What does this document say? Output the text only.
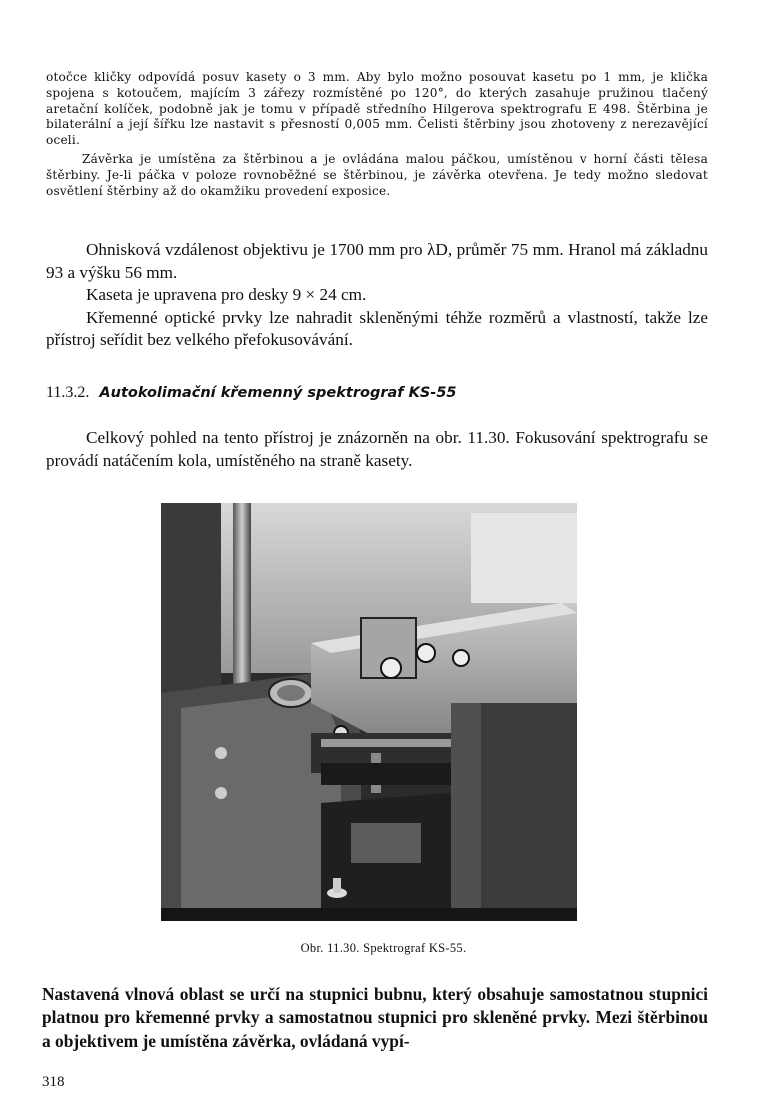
otočce kličky odpovídá posuv kasety o 3 mm. Aby bylo možno posouvat kasetu po 1 mm, je klička spojena s kotoučem, majícím 3 zářezy rozmístěné po 120°, do kterých zasahuje pružinou tlačený aretační kolíček, podobně jak je tomu v případě středního Hilgerova spektrografu E 498. Štěrbina je bilaterální a její šířku lze nastavit s přesností 0,005 mm. Čelisti štěrbiny jsou zhotoveny z nerezavějící oceli.

Závěrka je umístěna za štěrbinou a je ovládána malou páčkou, umístěnou v horní části tělesa štěrbiny. Je-li páčka v poloze rovnoběžné se štěrbinou, je závěrka otevřena. Je tedy možno sledovat osvětlení štěrbiny až do okamžiku provedení exposice.

Ohnisková vzdálenost objektivu je 1700 mm pro λD, průměr 75 mm. Hranol má základnu 93 a výšku 56 mm.

Kaseta je upravena pro desky 9 × 24 cm.

Křemenné optické prvky lze nahradit skleněnými téhže rozměrů a vlastností, takže lze přístroj seřídit bez velkého přefokusovávání.

11.3.2. Autokolimační křemenný spektrograf KS-55

Celkový pohled na tento přístroj je znázorněn na obr. 11.30. Fokusování spektrografu se provádí natáčením kola, umístěného na straně kasety.

Obr. 11.30. Spektrograf KS-55.

Nastavená vlnová oblast se určí na stupnici bubnu, který obsahuje samostatnou stupnici platnou pro křemenné prvky a samostatnou stupnici pro skleněné prvky. Mezi štěrbinou a objektivem je umístěna závěrka, ovládaná vypí-

318
